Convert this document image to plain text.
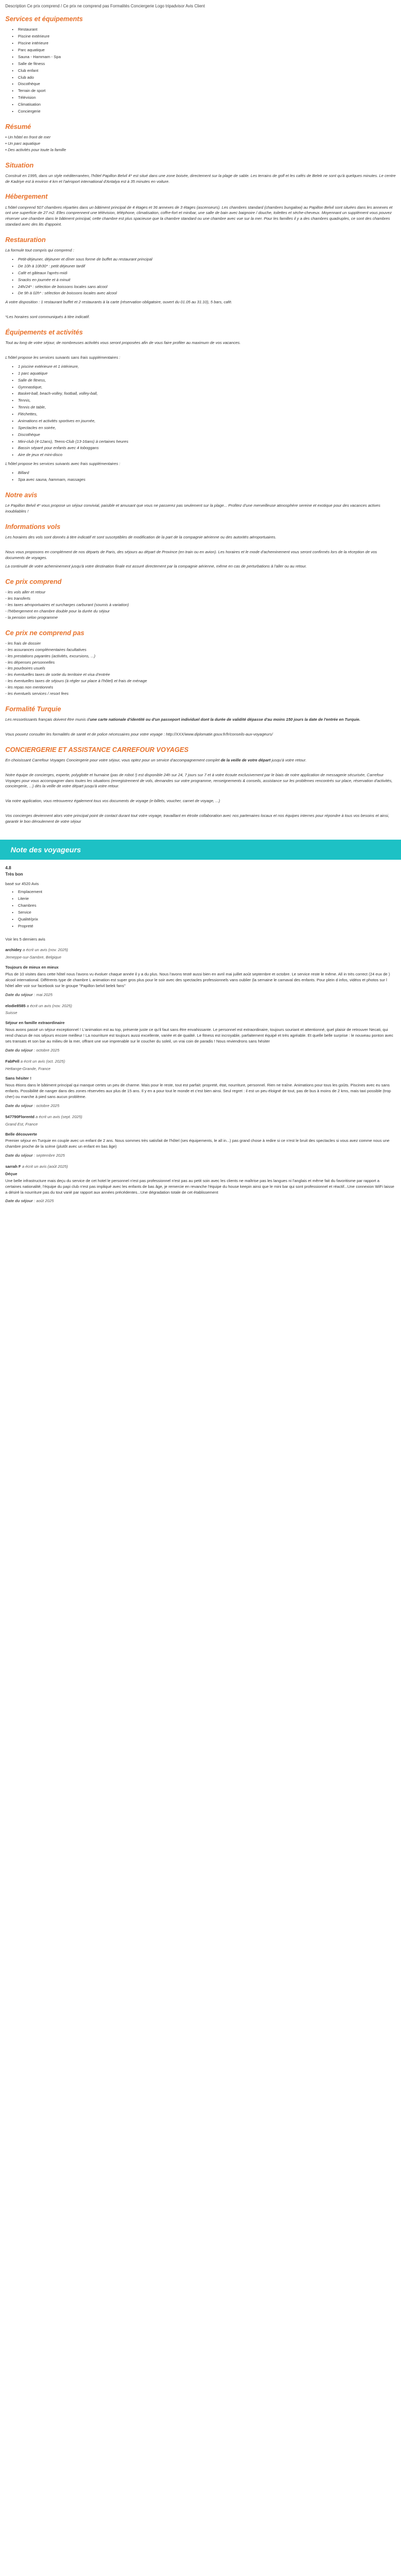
Description Ce prix comprend / Ce prix ne comprend pas Formalités Conciergerie Logo tripadvisor Avis Client
Services et équipements
• Restaurant
• Piscine extérieure
• Piscine intérieure
• Parc aquatique
• Sauna - Hammam - Spa
• Salle de fitness
• Club enfant
• Club ado
• Discothèque
• Terrain de sport
• Télévision
• Climatisation
• Conciergerie
Résumé
• Un hôtel en front de mer
• Un parc aquatique
• Des activités pour toute la famille
Situation

Construit en 1995, dans un style méditerranéen, l'hôtel Papillon Belvil 4* est situé dans une zone boisée, directement sur la plage de sable. Les terrains de golf et les cafés de Belek ne sont qu'à quelques minutes. Le centre de Kadriye est à environ 4 km et l'aéroport international d'Antalya est à 35 minutes en voiture.

Hébergement

L'hôtel comprend 507 chambres réparties dans un bâtiment principal de 4 étages et 36 annexes de 3 étages (ascenseurs). Les chambres standard (chambres bungalow) au Papillon Belvil sont situées dans les annexes et ont une superficie de 27 m2. Elles comprennent une télévision, téléphone, climatisation, coffre-fort et minibar, une salle de bain avec baignoire / douche, toilettes et sèche-cheveux. Moyennant un supplément vous pouvez réserver une chambre dans le bâtiment principal, cette chambre est plus spacieuse que la chambre standard ou une chambre avec vue sur la mer. Pour les familles il y a des chambres quadruples, ce sont des chambres standard avec des lits d'appoint.

Restauration

La formule tout compris qui comprend :

• Petit-déjeuner, déjeuner et dîner sous forme de buffet au restaurant principal
• De 10h à 10h30* : petit déjeuner tardif
• Café et gâteaux l'après-midi
• Snacks en journée et à minuit
• 24h/24* : sélection de boissons locales sans alcool
• De 9h à 02h* : sélection de boissons locales avec alcool

A votre disposition : 1 restaurant buffet et 2 restaurants à la carte (réservation obligatoire, ouvert du 01.05 au 31.10), 5 bars, café.

*Les horaires sont communiqués à titre indicatif.

Équipements et activités

Tout au long de votre séjour, de nombreuses activités vous seront proposées afin de vous faire profiter au maximum de vos vacances.

L'hôtel propose les services suivants sans frais supplémentaires :

• 1 piscine extérieure et 1 intérieure,
• 1 parc aquatique
• Salle de fitness,
• Gymnastique,
• Basket-ball, beach-volley, football, volley-ball,
• Tennis,
• Tennis de table,
• Fléchettes,
• Animations et activités sportives en journée,
• Spectacles en soirée,
• Discothèque
• Mini-club (4-12ans), Teens-Club (13-16ans) à certaines heures
• Bassin séparé pour enfants avec 4 toboggans
• Aire de jeux et mini-disco

L'hôtel propose les services suivants avec frais supplémentaires :

• Billard
• Spa avec sauna, hammam, massages
Notre avis

Le Papillon Belvil 4* vous propose un séjour convivial, paisible et amusant que vous ne passerez pas seulement sur la plage... Profitez d'une merveilleuse atmosphère sereine et exotique pour des vacances actives inoubliables !

Informations vols

Les horaires des vols sont donnés à titre indicatif et sont susceptibles de modification de la part de la compagnie aérienne ou des autorités aéroportuaires.

Nous vous proposons en complément de nos départs de Paris, des séjours au départ de Province (en train ou en avion). Les horaires et le mode d'acheminement vous seront confirmés lors de la réception de vos documents de voyages.

La continuité de votre acheminement jusqu'à votre destination finale est assuré directement par la compagnie aérienne, même en cas de perturbations à l'aller ou au retour.

Ce prix comprend
- les vols aller et retour
- les transferts
- les taxes aéroportuaires et surcharges carburant (soumis à variation)
- l'hébergement en chambre double pour la durée du séjour
- la pension selon programme
Ce prix ne comprend pas
- les frais de dossier
- les assurances complémentaires facultatives
- les prestations payantes (activités, excursions, ...)
- les dépenses personnelles
- les pourboires usuels
- les éventuelles taxes de sortie du territoire et visa d'entrée
- les éventuelles taxes de séjours (à régler sur place à l'hôtel) et frais de ménage
- les repas non mentionnés
- les éventuels services / resort fees
Formalité Turquie

Les ressortissants français doivent être munis d'une carte nationale d'identité ou d'un passeport individuel dont la durée de validité dépasse d'au moins 150 jours la date de l'entrée en Turquie.

Vous pouvez consulter les formalités de santé et de police nécessaires pour votre voyage : http://XXX/www.diplomatie.gouv.fr/fr/conseils-aux-voyageurs/

CONCIERGERIE ET ASSISTANCE CARREFOUR VOYAGES

En choisissant Carrefour Voyages Conciergerie pour votre séjour, vous optez pour un service d'accompagnement complet de la veille de votre départ jusqu'à votre retour.

Notre équipe de concierges, experte, polyglotte et humaine (pas de robot !) est disponible 24h sur 24, 7 jours sur 7 et à votre écoute exclusivement par le biais de notre application de messagerie sécurisée, Carrefour Voyages pour vous accompagner dans toutes les situations (enregistrement de vols, demandes sur votre programme, renseignements & conseils, assistance sur les problèmes rencontrés sur place, réservation d'activités, conciergerie, ...) dès la veille de votre départ jusqu'à votre retour.

Via notre application, vous retrouverez également tous vos documents de voyage (e-billets, voucher, carnet de voyage, ...)

Vos concierges deviennent alors votre principal point de contact durant tout votre voyage, travaillant en étroite collaboration avec nos partenaires locaux et nos équipes internes pour répondre à tous vos besoins et ainsi, garantir le bon déroulement de votre séjour

Note des voyageurs
4.8
Très bon
basé sur 4520 Avis
• Emplacement
• Literie
• Chambres
• Service
• Qualité/prix
• Propreté
Voir les 5 derniers avis
archidey a écrit un avis (nov. 2025)
Jemeppe-sur-Sambre, Belgique
Toujours de mieux en mieux
Plus de 10 visites dans cette hôtel nous l'avons vu évoluer chaque année il y a du plus. Nous l'avons testé aussi bien en avril mai juillet août septembre et octobre. Le service reste le même. All in très correct (24 eux de ) alcool international. Différents type de chambre L animation est super gros plus pour le soir avec des spectacles professionnels vans oublier (la semaine le carnaval des enfants. Pour plein d infos, vidéos et photos sur l hôtel aller voir sur facebook sur le groupe "Papillon belvil belek fans"
Date du séjour : mai 2025
elodie8585 a écrit un avis (nov. 2025)
Suisse
Séjour en famille extraordinaire
Nous avons passé un séjour exceptionnel ! L'animation est au top, présente juste ce qu'il faut sans être envahissante. Le personnel est extraordinaire, toujours souriant et attentionné, quel plaisir de retrouver Necati, qui rend chacun de nos séjours encore meilleur ! La nourriture est toujours aussi excellente, variée et de qualité. Le fitness est incroyable, parfaitement équipé et très agréable. Et quelle belle surprise : le nouveau ponton avec ses transats et son bar au milieu de la mer, offrant une vue imprenable sur le coucher du soleil, un vrai coin de paradis ! Nous reviendrons sans hésiter
Date du séjour : octobre 2025
FabPell a écrit un avis (oct. 2025)
Hettange-Grande, France
Sans hésiter !
Nous étions dans le bâtiment principal qui manque certes un peu de charme. Mais pour le reste, tout est parfait: propreté, état, nourriture, personnel. Rien ne traîne. Animations pour tous les goûts. Piscines avec eu sans enfants. Possibilité de nanger dans des zones réservées aux plus de 15 ans. Il y en a pour tout le monde et c'est bien ainsi. Seul regret : il est un peu éloigné de tout, pas de bus à moins de 2 kms, mais taxi possible (trop cher) ou marche à pied sans aucun problème.
Date du séjour : octobre 2025
547790Florentd a écrit un avis (sept. 2025)
Grand Est, France
Belle découverte
Premier séjour en Turquie en couple avec un enfant de 2 ans. Nous sommes très satisfait de l'hôtel (ses équipements, le all in...) pas grand chose à redire si ce n'est le bruit des spectacles si vous avez comme nous une chambre proche de la scène (plutôt avec un enfant en bas âge)
Date du séjour : septembre 2025
sarrah F a écrit un avis (août 2025)
Déçue
Une belle infrastructure mais deçu du service de cet hotel le personnel n'est pas professionnel n'est pas au petit soin avec les clients ne maîtrise pas les langues ni l'anglais et même fait du favoritisme par rapport a certaines nationalité, l'équipe du papi club n'est pas impliqué avec les enfants de bas âge, je remercie en revanche l'équipe du house keepin ainsi que le mini bar qui sont professionnel et réactif...Une connexion WiFi laisse a désiré la nourriture pas du tout varié par rapport aux années précédentes...Une dégradation totale de cet établissement
Date du séjour : août 2025
